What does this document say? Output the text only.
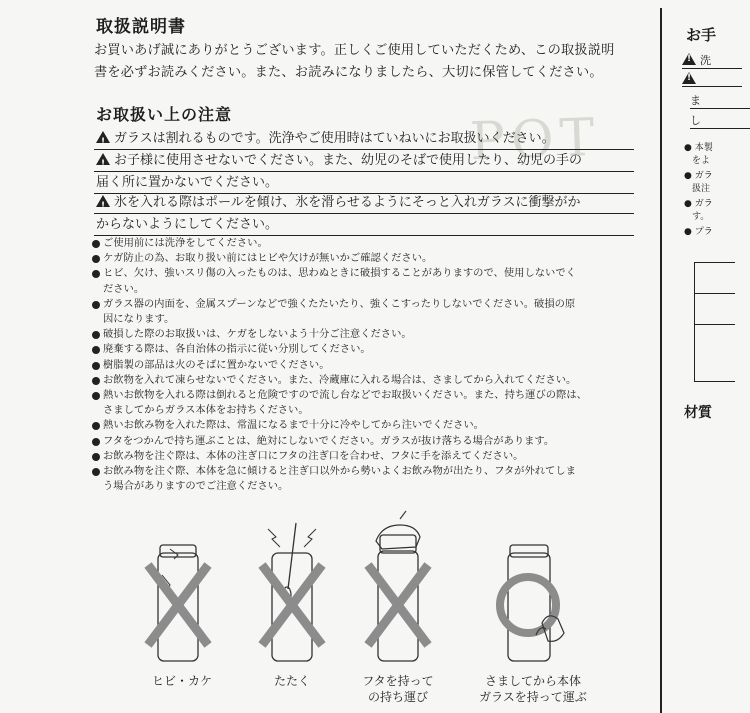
POT
取扱説明書
お買いあげ誠にありがとうございます。正しくご使用していただくため、この取扱説明
書を必ずお読みください。また、お読みになりましたら、大切に保管してください。
お取扱い上の注意
!ガラスは割れるものです。洗浄やご使用時はていねいにお取扱いください。
!お子様に使用させないでください。また、幼児のそばで使用したり、幼児の手の
届く所に置かないでください。
!氷を入れる際はポールを傾け、氷を滑らせるようにそっと入れガラスに衝撃がか
からないようにしてください。
ご使用前には洗浄をしてください。
ケガ防止の為、お取り扱い前にはヒビや欠けが無いかご確認ください。
ヒビ、欠け、強いスリ傷の入ったものは、思わぬときに破損することがありますので、使用しないでく
ださい。
ガラス器の内面を、金属スプーンなどで強くたたいたり、強くこすったりしないでください。破損の原
因になります。
破損した際のお取扱いは、ケガをしないよう十分ご注意ください。
廃棄する際は、各自治体の指示に従い分別してください。
樹脂製の部品は火のそばに置かないでください。
お飲物を入れて凍らせないでください。また、冷蔵庫に入れる場合は、さましてから入れてください。
熱いお飲物を入れる際は倒れると危険ですので流し台などでお取扱いください。また、持ち運びの際は、
さましてからガラス本体をお持ちください。
熱いお飲み物を入れた際は、常温になるまで十分に冷やしてから注いでください。
フタをつかんで持ち運ぶことは、絶対にしないでください。ガラスが抜け落ちる場合があります。
お飲み物を注ぐ際は、本体の注ぎ口にフタの注ぎ口を合わせ、フタに手を添えてください。
お飲み物を注ぐ際、本体を急に傾けると注ぎ口以外から勢いよくお飲み物が出たり、フタが外れてしま
う場合がありますのでご注意ください。
ヒビ・カケ	たたく	フタを持って
の持ち運び
さましてから本体
ガラスを持って運ぶ
お手
!洗
!
ま
し
● 本製
をよ
● ガラ
扱注
● ガラ
す。
● プラ
材質
